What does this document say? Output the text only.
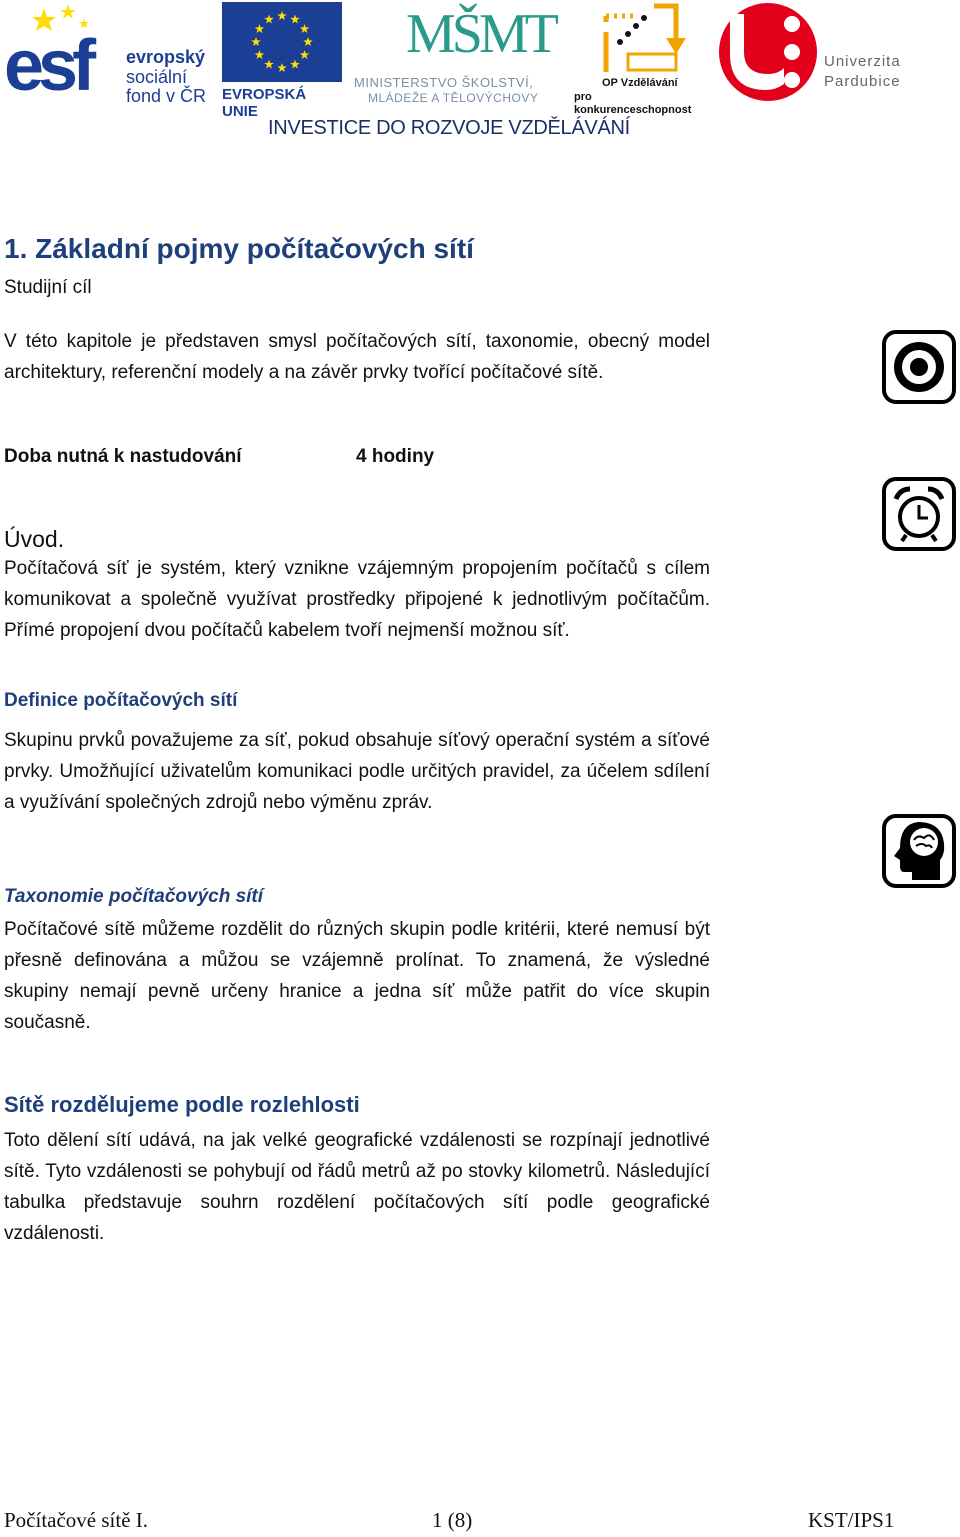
esf evropský
sociální
fond v ČR EVROPSKÁ UNIE
MŠMT
MINISTERSTVO ŠKOLSTVÍ,
MLÁDEŽE A TĚLOVÝCHOVY
OP Vzdělávání
pro konkurenceschopnost
Univerzita
Pardubice
INVESTICE DO ROZVOJE VZDĚLÁVÁNÍ
1. Základní pojmy počítačových sítí
Studijní cíl
V této kapitole je představen smysl počítačových sítí, taxonomie, obecný model architektury, referenční modely a na závěr prvky tvořící počítačové sítě.
Doba nutná k nastudování	4 hodiny
Úvod.
Počítačová síť je systém, který vznikne vzájemným propojením počítačů s cílem komunikovat a společně využívat prostředky připojené k jednotlivým počítačům. Přímé propojení dvou počítačů kabelem tvoří nejmenší možnou síť.
Definice počítačových sítí
Skupinu prvků považujeme za síť, pokud obsahuje síťový operační systém a síťové prvky. Umožňující uživatelům komunikaci podle určitých pravidel, za účelem sdílení a využívání společných zdrojů nebo výměnu zpráv.
Taxonomie počítačových sítí
Počítačové sítě můžeme rozdělit do různých skupin podle kritérii, které nemusí být přesně definována a můžou se vzájemně prolínat. To znamená, že výsledné skupiny nemají pevně určeny hranice a jedna síť může patřit do více skupin současně.
Sítě rozdělujeme podle rozlehlosti
Toto dělení sítí udává, na jak velké geografické vzdálenosti se rozpínají jednotlivé sítě. Tyto vzdálenosti se pohybují od řádů metrů až po stovky kilometrů. Následující tabulka představuje souhrn rozdělení počítačových sítí podle geografické vzdálenosti.
Počítačové sítě I.	1 (8)	KST/IPS1
